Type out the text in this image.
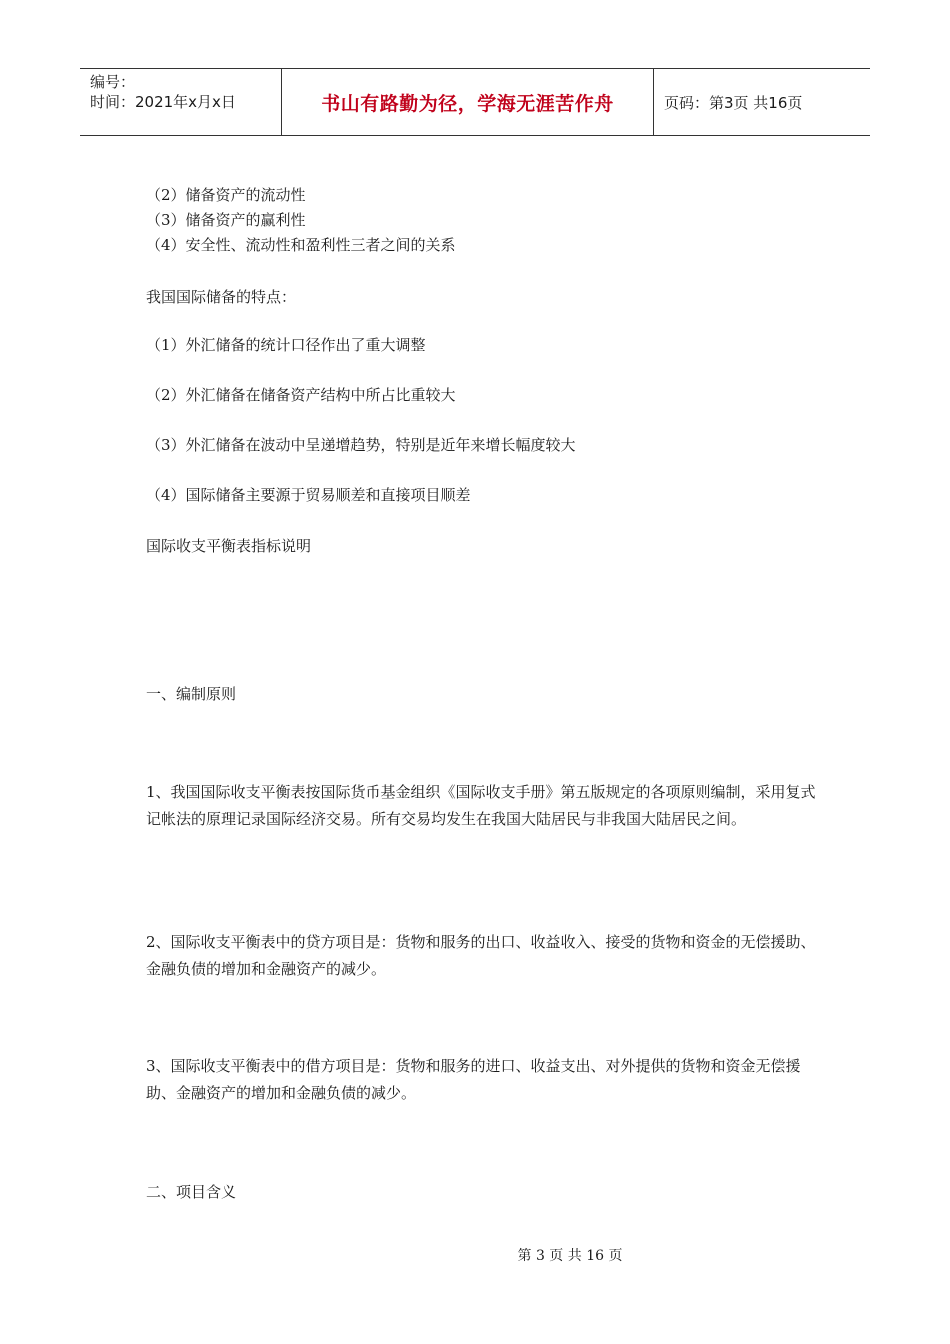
编号：
时间：2021年x月x日	书山有路勤为径，学海无涯苦作舟	页码：第3页 共16页
（2）储备资产的流动性
（3）储备资产的赢利性
（4）安全性、流动性和盈利性三者之间的关系
我国国际储备的特点：
（1）外汇储备的统计口径作出了重大调整
（2）外汇储备在储备资产结构中所占比重较大
（3）外汇储备在波动中呈递增趋势，特别是近年来增长幅度较大
（4）国际储备主要源于贸易顺差和直接项目顺差
国际收支平衡表指标说明
一、编制原则
1、我国国际收支平衡表按国际货币基金组织《国际收支手册》第五版规定的各项原则编制，采用复式记帐法的原理记录国际经济交易。所有交易均发生在我国大陆居民与非我国大陆居民之间。
2、国际收支平衡表中的贷方项目是：货物和服务的出口、收益收入、接受的货物和资金的无偿援助、金融负债的增加和金融资产的减少。
3、国际收支平衡表中的借方项目是：货物和服务的进口、收益支出、对外提供的货物和资金无偿援助、金融资产的增加和金融负债的减少。
二、项目含义
第 3 页 共 16 页
